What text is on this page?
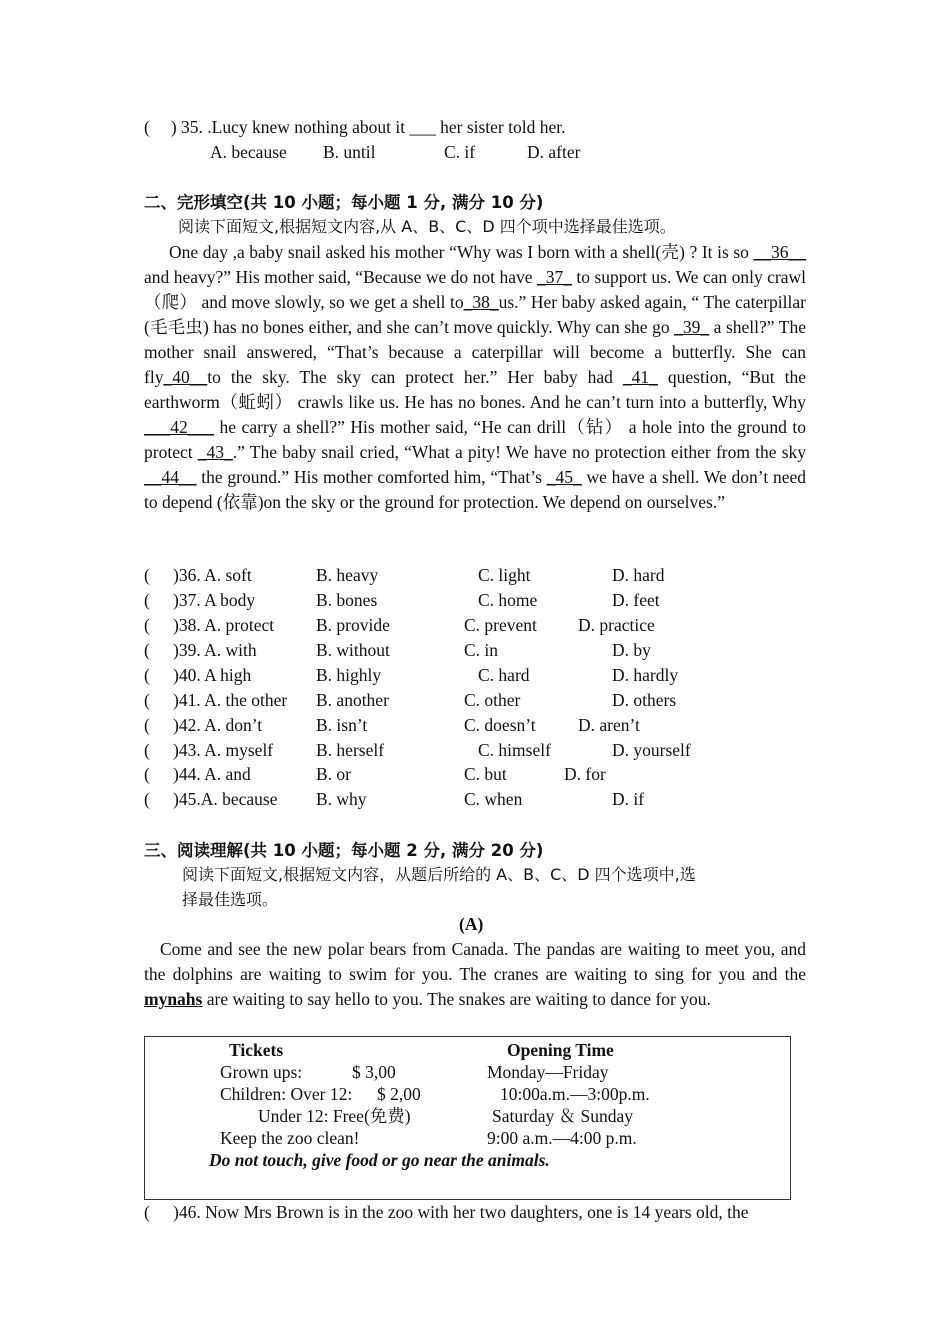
( ) 35. .Lucy knew nothing about it ___ her sister told her.
A. because B. until	C. if	D. after
二、完形填空(共 10 小题；每小题 1 分, 满分 10 分)
阅读下面短文,根据短文内容,从 A、B、C、D 四个项中选择最佳选项。
One day ,a baby snail asked his mother “Why was I born with a shell(壳) ? It is so __36__ and heavy?” His mother said, “Because we do not have _37_ to support us. We can only crawl（爬） and move slowly, so we get a shell to_38_us.” Her baby asked again, “ The caterpillar (毛毛虫) has no bones either, and she can’t move quickly. Why can she go _39_ a shell?” The mother snail answered, “That’s because a caterpillar will become a butterfly. She can fly_40__to the sky. The sky can protect her.” Her baby had _41_ question, “But the earthworm（蚯蚓） crawls like us. He has no bones. And he can’t turn into a butterfly, Why ___42___ he carry a shell?” His mother said, “He can drill（钻） a hole into the ground to protect _43_.” The baby snail cried, “What a pity! We have no protection either from the sky __44__ the ground.” His mother comforted him, “That’s _45_ we have a shell. We don’t need to depend (依靠)on the sky or the ground for protection. We depend on ourselves.”
( )36. A. soft	B. heavy	C. light	D. hard
( )37. A body	B. bones	C. home	D. feet
( )38. A. protect B. provide	C. prevent D. practice
( )39. A. with	B. without	C. in	D. by
( )40. A high	B. highly	C. hard	D. hardly
( )41. A. the other B. another	C. other	D. others
( )42. A. don’t	B. isn’t	C. doesn’t D. aren’t
( )43. A. myself B. herself	C. himself	D. yourself
( )44. A. and	B. or	C. but	D. for
( )45.A. because B. why	C. when	D. if
三、阅读理解(共 10 小题；每小题 2 分, 满分 20 分)
阅读下面短文,根据短文内容，从题后所给的 A、B、C、D 四个选项中,选
择最佳选项。
(A)
Come and see the new polar bears from Canada. The pandas are waiting to meet you, and the dolphins are waiting to swim for you. The cranes are waiting to sing for you and the mynahs are waiting to say hello to you. The snakes are waiting to dance for you.
Tickets	Opening Time
Grown ups:	$ 3,00	Monday—Friday
Children: Over 12: $ 2,00	10:00a.m.—3:00p.m.
Under 12: Free(免费)	Saturday ＆ Sunday
Keep the zoo clean!	9:00 a.m.—4:00 p.m.
Do not touch, give food or go near the animals.
( )46. Now Mrs Brown is in the zoo with her two daughters, one is 14 years old, the
